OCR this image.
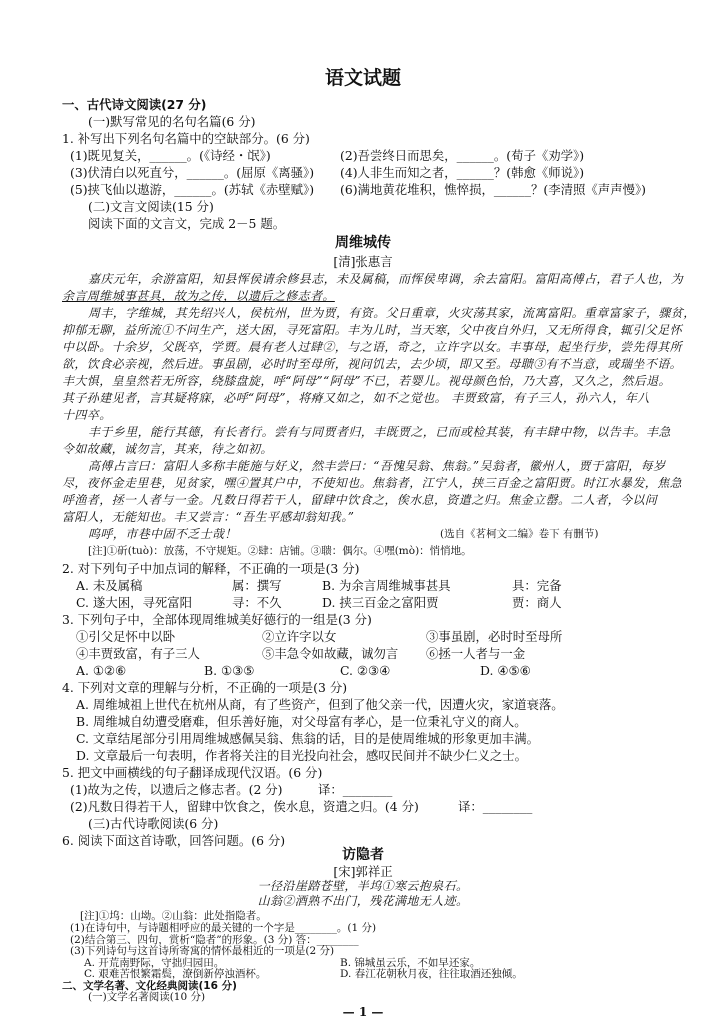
语文试题
一、古代诗文阅读(27 分)
(一)默写常见的名句名篇(6 分)
1. 补写出下列名句名篇中的空缺部分。(6 分)
(1)既见复关，______。(《诗经・氓》)	(2)吾尝终日而思矣，______。(荀子《劝学》)
(3)伏清白以死直兮，______。(屈原《离骚》) (4)人非生而知之者，______？(韩愈《师说》)
(5)挟飞仙以遨游，______。(苏轼《赤壁赋》) (6)满地黄花堆积，憔悴损，______？(李清照《声声慢》)
(二)文言文阅读(15 分)
阅读下面的文言文，完成 2－5 题。
周维城传
[清]张惠言
嘉庆元年，余游富阳，知县恽侯请余修县志，未及属稿，而恽侯卑调，余去富阳。富阳高傅占，君子人也，为
余言周维城事甚具，故为之传，以遗后之修志者。
周丰，字维城，其先绍兴人，侯杭州，世为贾，有资。父日重章，火灾荡其家，流寓富阳。重章富家子，骤贫，
抑郁无聊，益所流①不问生产，送大困，寻死富阳。丰为儿时，当天寒，父中夜自外归，又无所得食，辄引父足怀
中以卧。十余岁，父既卒，学贾。晨有老人过肆②，与之语，奇之，立许字以女。丰事母，起坐行步，尝先得其所
欲，饮食必亲视，然后进。事虽剧，必时时至母所，视问饥去，去少顷，即又至。母聩③有不当意，或瑞坐不语。
丰大惧，皇皇然若无所容，绕膝盘旋，呼“阿母”“阿母”不已，若婴儿。视母颜色怡，乃大喜，又久之，然后退。
其子孙建见者，言其疑将寐，必呼“阿母”，将瘠又如之，如不之觉也。 丰贾致富，有子三人，孙六人，年八
十四卒。
丰于乡里，能行其德，有长者行。尝有与同贾者归，丰既贾之，已而或检其装，有丰肆中物，以告丰。丰急
令如故藏，诚勿言，其来，待之如初。
高傅占言曰：富阳人多称丰能施与好义，然丰尝曰：“吾愧吴翁、焦翁。”吴翁者，徽州人，贾于富阳，每岁
尽，夜怀金走里巷，见贫家，嘿④置其户中，不使知也。焦翁者，江宁人，挟三百金之富阳贾。时江水暴发，焦急
呼渔者，拯一人者与一金。凡数日得若干人，留肆中饮食之，俟水息，资遣之归。焦金立罄。二人者，今以问
富阳人，无能知也。丰又尝言：“吾生平感却翁知我。”
呜呼，市巷中固不乏士哉！	(选自《茗柯文二编》卷下 有删节)
[注]①斫(tuò)：放荡，不守规矩。②肆：店铺。③聩：偶尔。④嘿(mò)：悄悄地。
2. 对下列句子中加点词的解释，不正确的一项是(3 分)
A. 未及属稿	属：撰写	B. 为余言周维城事甚具	具：完备
C. 遂大困，寻死富阳	寻：不久	D. 挟三百金之富阳贾	贾：商人
3. 下列句子中，全部体现周维城美好德行的一组是(3 分)
①引父足怀中以卧	②立许字以女	③事虽剧，必时时至母所
④丰贾致富，有子三人	⑤丰急令如故藏，诚勿言 ⑥拯一人者与一金
A. ①②⑥	B. ①③⑤	C. ②③④	D. ④⑤⑥
4. 下列对文章的理解与分析，不正确的一项是(3 分)
A. 周维城祖上世代在杭州从商，有了些资产，但到了他父亲一代，因遭火灾，家道衰落。
B. 周维城自幼遭受磨难，但乐善好施，对父母富有孝心，是一位秉礼守义的商人。
C. 文章结尾部分引用周维城感佩吴翁、焦翁的话，目的是使周维城的形象更加丰满。
D. 文章最后一句表明，作者将关注的目光投向社会，感叹民间并不缺少仁义之士。
5. 把文中画横线的句子翻译成现代汉语。(6 分)
(1)故为之传，以遗后之修志者。(2 分)	译：________
(2)凡数日得若干人，留肆中饮食之，俟水息，资遣之归。(4 分)	译：________
(三)古代诗歌阅读(6 分)
6. 阅读下面这首诗歌，回答问题。(6 分)
访隐者
[宋]郭祥正
一径沿崖踏苍壁，半坞①寒云抱泉石。
山翁②酒熟不出门，残花满地无人迹。
[注]①坞：山坳。②山翁：此处指隐者。
— 1 —
(1)在诗句中，与诗题相呼应的最关键的一个字是________。(1 分)
(2)结合第三、四句，赏析“隐者”的形象。(3 分) 答：________
(3)下列诗句与这首诗所寄寓的情怀最相近的一项是(2 分)
A. 开荒南野际，守拙归园田。	B. 锦城虽云乐，不如早还家。
C. 艰难苦恨繁霜鬓，潦倒新停浊酒杯。	D. 春江花朝秋月夜，往往取酒还独倾。
二、文学名著、文化经典阅读(16 分)
(一)文学名著阅读(10 分)
